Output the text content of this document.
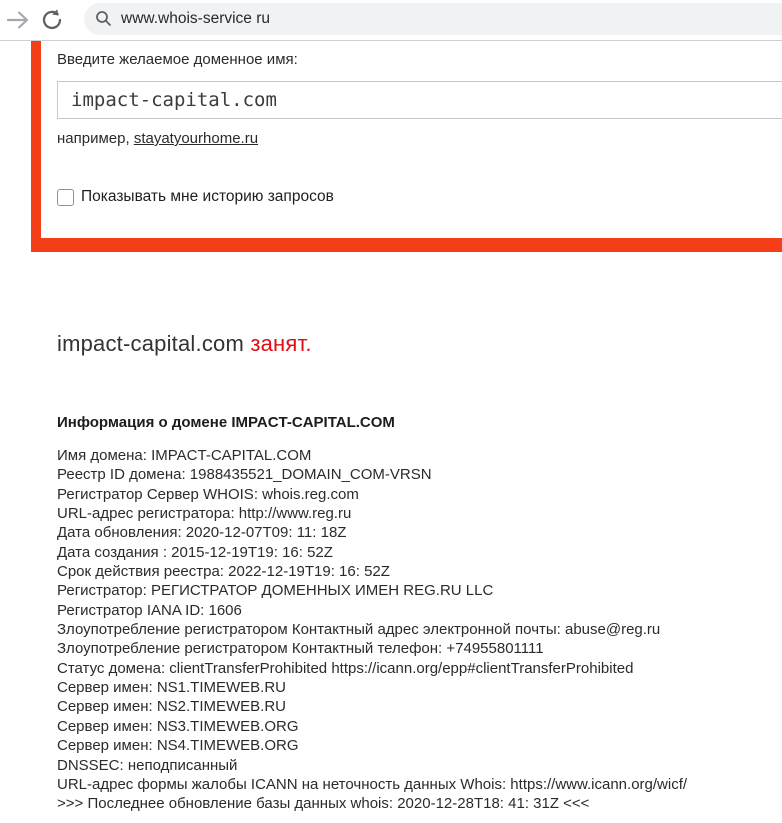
www.whois-service ru
Введите желаемое доменное имя:
impact-capital.com
например, stayatyourhome.ru
Показывать мне историю запросов
impact-capital.com занят.
Информация о домене IMPACT-CAPITAL.COM
Имя домена: IMPACT-CAPITAL.COM
Реестр ID домена: 1988435521_DOMAIN_COM-VRSN
Регистратор Сервер WHOIS: whois.reg.com
URL-адрес регистратора: http://www.reg.ru
Дата обновления: 2020-12-07T09: 11: 18Z
Дата создания : 2015-12-19T19: 16: 52Z
Срок действия реестра: 2022-12-19T19: 16: 52Z
Регистратор: РЕГИСТРАТОР ДОМЕННЫХ ИМЕН REG.RU LLC
Регистратор IANA ID: 1606
Злоупотребление регистратором Контактный адрес электронной почты: abuse@reg.ru
Злоупотребление регистратором Контактный телефон: +74955801111
Статус домена: clientTransferProhibited https://icann.org/epp#clientTransferProhibited
Сервер имен: NS1.TIMEWEB.RU
Сервер имен: NS2.TIMEWEB.RU
Сервер имен: NS3.TIMEWEB.ORG
Сервер имен: NS4.TIMEWEB.ORG
DNSSEC: неподписанный
URL-адрес формы жалобы ICANN на неточность данных Whois: https://www.icann.org/wicf/
>>> Последнее обновление базы данных whois: 2020-12-28T18: 41: 31Z <<<
